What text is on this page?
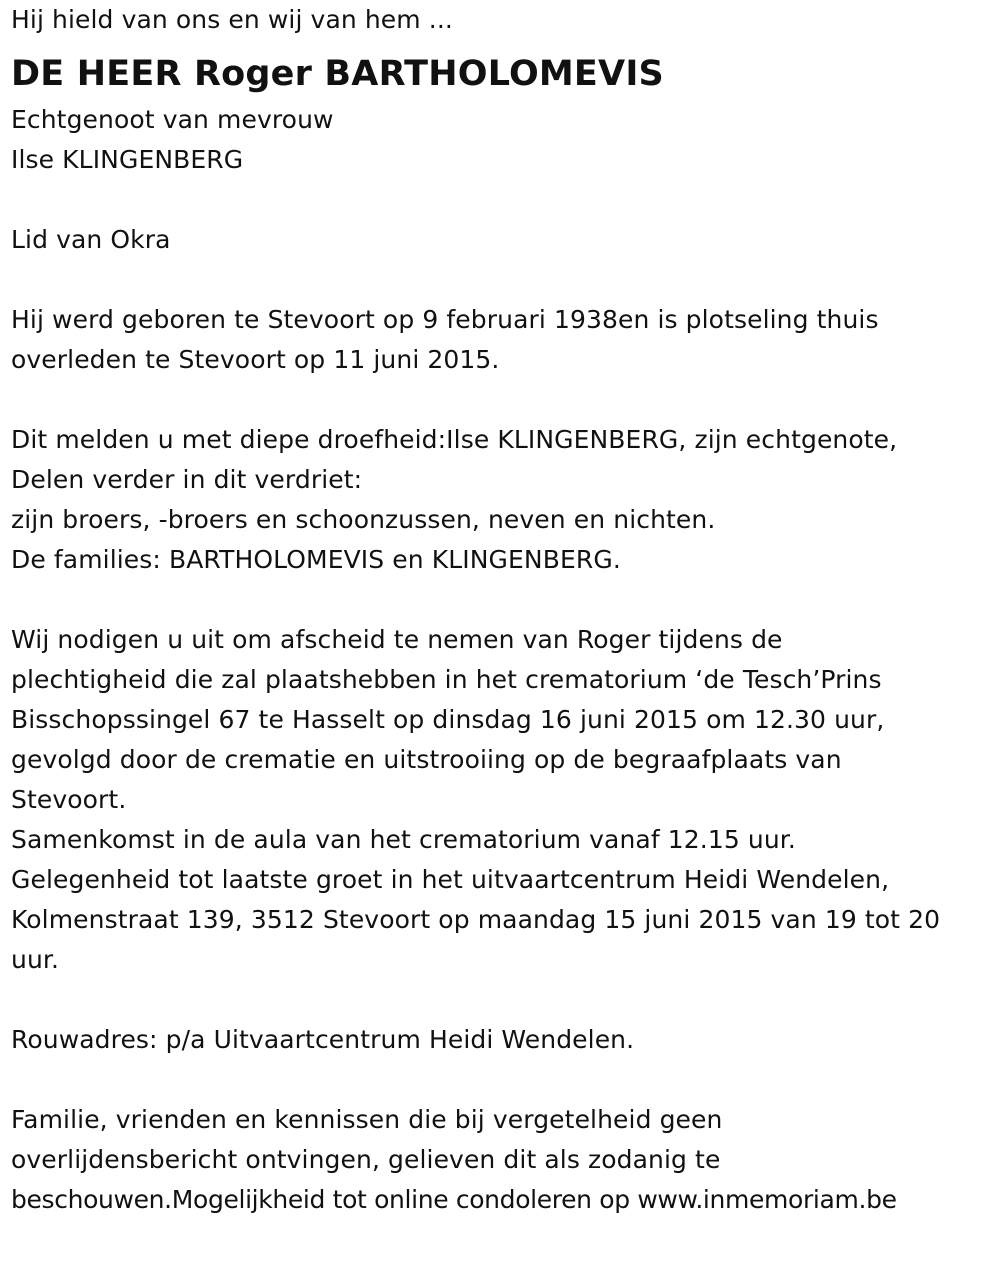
Hij hield van ons en wij van hem ...
DE HEER Roger BARTHOLOMEVIS
Echtgenoot van mevrouw
Ilse KLINGENBERG
Lid van Okra
Hij werd geboren te Stevoort op 9 februari 1938en is plotseling thuis
overleden te Stevoort op 11 juni 2015.
Dit melden u met diepe droefheid:Ilse KLINGENBERG, zijn echtgenote,
Delen verder in dit verdriet:
zijn broers, -broers en schoonzussen, neven en nichten.
De families: BARTHOLOMEVIS en KLINGENBERG.
Wij nodigen u uit om afscheid te nemen van Roger tijdens de
plechtigheid die zal plaatshebben in het crematorium ‘de Tesch’Prins
Bisschopssingel 67 te Hasselt op dinsdag 16 juni 2015 om 12.30 uur,
gevolgd door de crematie en uitstrooiing op de begraafplaats van
Stevoort.
Samenkomst in de aula van het crematorium vanaf 12.15 uur.
Gelegenheid tot laatste groet in het uitvaartcentrum Heidi Wendelen,
Kolmenstraat 139, 3512 Stevoort op maandag 15 juni 2015 van 19 tot 20
uur.
Rouwadres: p/a Uitvaartcentrum Heidi Wendelen.
Familie, vrienden en kennissen die bij vergetelheid geen
overlijdensbericht ontvingen, gelieven dit als zodanig te
beschouwen.Mogelijkheid tot online condoleren op www.inmemoriam.be
